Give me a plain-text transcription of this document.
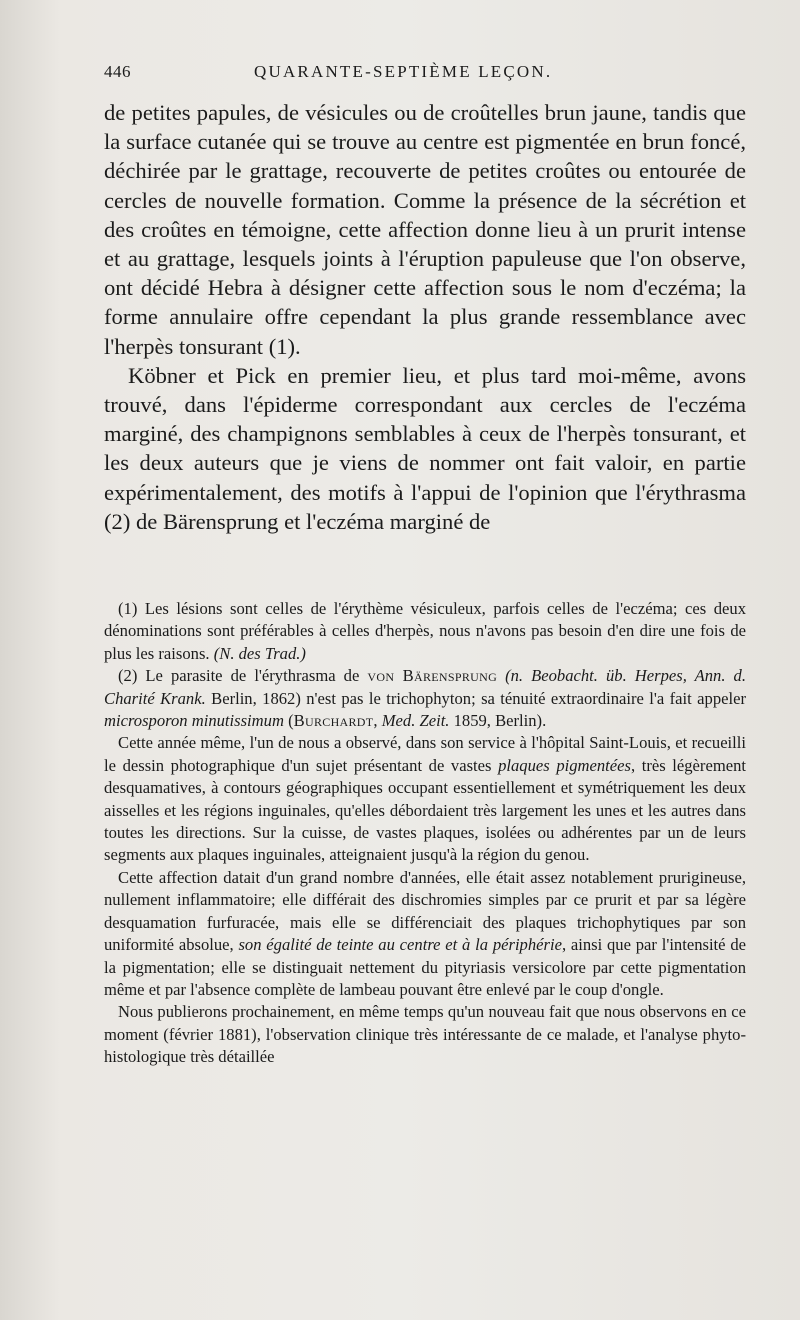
446	QUARANTE-SEPTIÈME LEÇON.

de petites papules, de vésicules ou de croûtelles brun jaune, tandis que la surface cutanée qui se trouve au centre est pigmentée en brun foncé, déchirée par le grattage, recouverte de petites croûtes ou entourée de cercles de nouvelle formation. Comme la présence de la sécrétion et des croûtes en témoigne, cette affection donne lieu à un prurit intense et au grattage, lesquels joints à l'éruption papuleuse que l'on observe, ont décidé Hebra à désigner cette affection sous le nom d'eczéma; la forme annulaire offre cependant la plus grande ressemblance avec l'herpès tonsurant (1).

Köbner et Pick en premier lieu, et plus tard moi-même, avons trouvé, dans l'épiderme correspondant aux cercles de l'eczéma marginé, des champignons semblables à ceux de l'herpès tonsurant, et les deux auteurs que je viens de nommer ont fait valoir, en partie expérimentalement, des motifs à l'appui de l'opinion que l'érythrasma (2) de Bärensprung et l'eczéma marginé de

(1) Les lésions sont celles de l'érythème vésiculeux, parfois celles de l'eczéma; ces deux dénominations sont préférables à celles d'herpès, nous n'avons pas besoin d'en dire une fois de plus les raisons. (N. des Trad.)

(2) Le parasite de l'érythrasma de von Bärensprung (n. Beobacht. üb. Herpes, Ann. d. Charité Krank. Berlin, 1862) n'est pas le trichophyton; sa ténuité extraordinaire l'a fait appeler microsporon minutissimum (Burchardt, Med. Zeit. 1859, Berlin).

Cette année même, l'un de nous a observé, dans son service à l'hôpital Saint-Louis, et recueilli le dessin photographique d'un sujet présentant de vastes plaques pigmentées, très légèrement desquamatives, à contours géographiques occupant essentiellement et symétriquement les deux aisselles et les régions inguinales, qu'elles débordaient très largement les unes et les autres dans toutes les directions. Sur la cuisse, de vastes plaques, isolées ou adhérentes par un de leurs segments aux plaques inguinales, atteignaient jusqu'à la région du genou.

Cette affection datait d'un grand nombre d'années, elle était assez notablement prurigineuse, nullement inflammatoire; elle différait des dischromies simples par ce prurit et par sa légère desquamation furfuracée, mais elle se différenciait des plaques trichophytiques par son uniformité absolue, son égalité de teinte au centre et à la périphérie, ainsi que par l'intensité de la pigmentation; elle se distinguait nettement du pityriasis versicolore par cette pigmentation même et par l'absence complète de lambeau pouvant être enlevé par le coup d'ongle.

Nous publierons prochainement, en même temps qu'un nouveau fait que nous observons en ce moment (février 1881), l'observation clinique très intéressante de ce malade, et l'analyse phyto-histologique très détaillée
